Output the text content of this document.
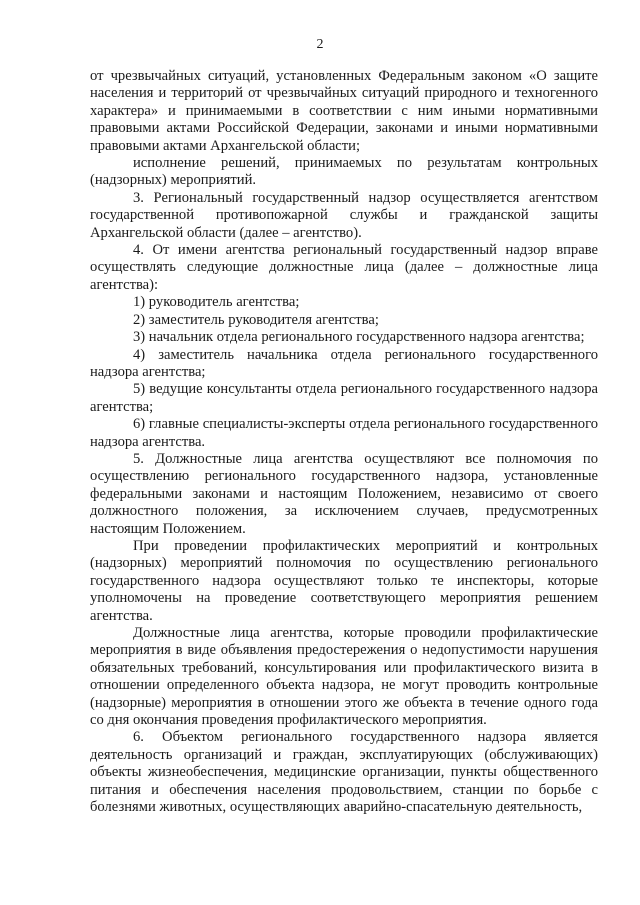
2

от чрезвычайных ситуаций, установленных Федеральным законом «О защите населения и территорий от чрезвычайных ситуаций природного и техногенного характера» и принимаемыми в соответствии с ним иными нормативными правовыми актами Российской Федерации, законами и иными нормативными правовыми актами Архангельской области;

исполнение решений, принимаемых по результатам контрольных (надзорных) мероприятий.

3. Региональный государственный надзор осуществляется агентством государственной противопожарной службы и гражданской защиты Архангельской области (далее – агентство).

4. От имени агентства региональный государственный надзор вправе осуществлять следующие должностные лица (далее – должностные лица агентства):

1) руководитель агентства;

2) заместитель руководителя агентства;

3) начальник отдела регионального государственного надзора агентства;

4) заместитель начальника отдела регионального государственного надзора агентства;

5) ведущие консультанты отдела регионального государственного надзора агентства;

6) главные специалисты-эксперты отдела регионального государственного надзора агентства.

5. Должностные лица агентства осуществляют все полномочия по осуществлению регионального государственного надзора, установленные федеральными законами и настоящим Положением, независимо от своего должностного положения, за исключением случаев, предусмотренных настоящим Положением.

При проведении профилактических мероприятий и контрольных (надзорных) мероприятий полномочия по осуществлению регионального государственного надзора осуществляют только те инспекторы, которые уполномочены на проведение соответствующего мероприятия решением агентства.

Должностные лица агентства, которые проводили профилактические мероприятия в виде объявления предостережения о недопустимости нарушения обязательных требований, консультирования или профилактического визита в отношении определенного объекта надзора, не могут проводить контрольные (надзорные) мероприятия в отношении этого же объекта в течение одного года со дня окончания проведения профилактического мероприятия.

6. Объектом регионального государственного надзора является деятельность организаций и граждан, эксплуатирующих (обслуживающих) объекты жизнеобеспечения, медицинские организации, пункты общественного питания и обеспечения населения продовольствием, станции по борьбе с болезнями животных, осуществляющих аварийно-спасательную деятельность,
